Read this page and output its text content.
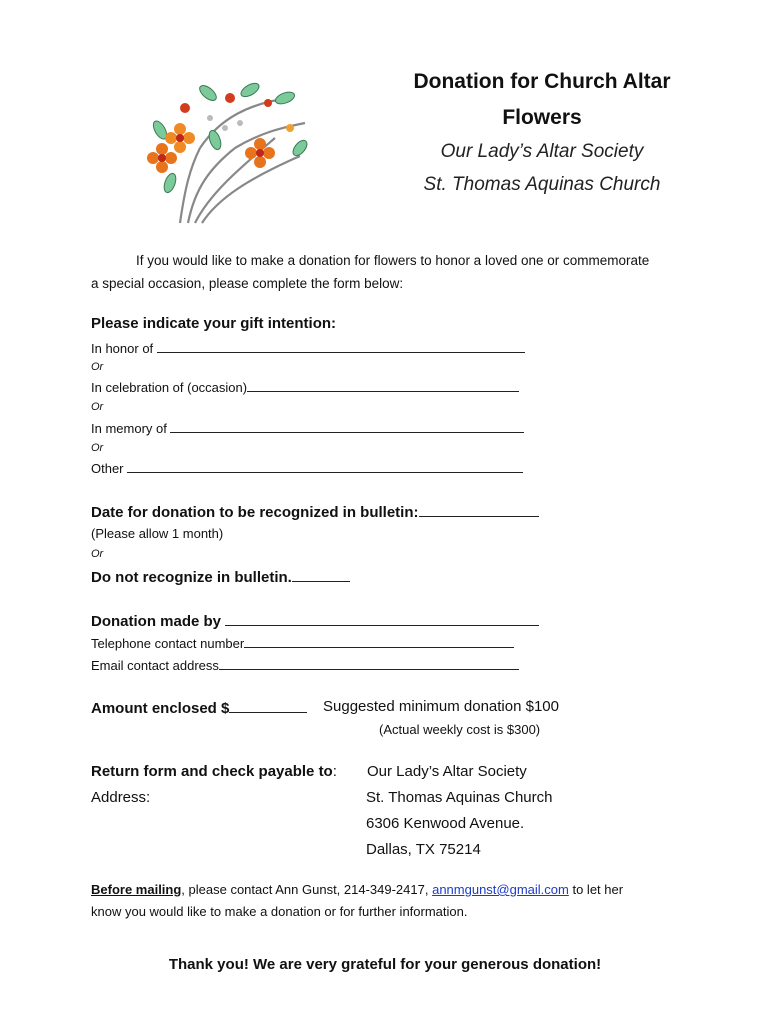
Donation for Church Altar
Flowers
Our Lady’s Altar Society
St. Thomas Aquinas Church
If you would like to make a donation for flowers to honor a loved one or commemorate
a special occasion, please complete the form below:
Please indicate your gift intention:
In honor of
Or
In celebration of (occasion)
Or
In memory of
Or
Other
Date for donation to be recognized in bulletin:
(Please allow 1 month)
Or
Do not recognize in bulletin.
Donation made by
Telephone contact number
Email contact address
Amount enclosed $	Suggested minimum donation $100
(Actual weekly cost is $300)
Return form and check payable to:
Address:
Our Lady’s Altar Society
St. Thomas Aquinas Church
6306 Kenwood Avenue.
Dallas, TX 75214
Before mailing, please contact Ann Gunst, 214-349-2417, annmgunst@gmail.com to let her
know you would like to make a donation or for further information.
Thank you! We are very grateful for your generous donation!
